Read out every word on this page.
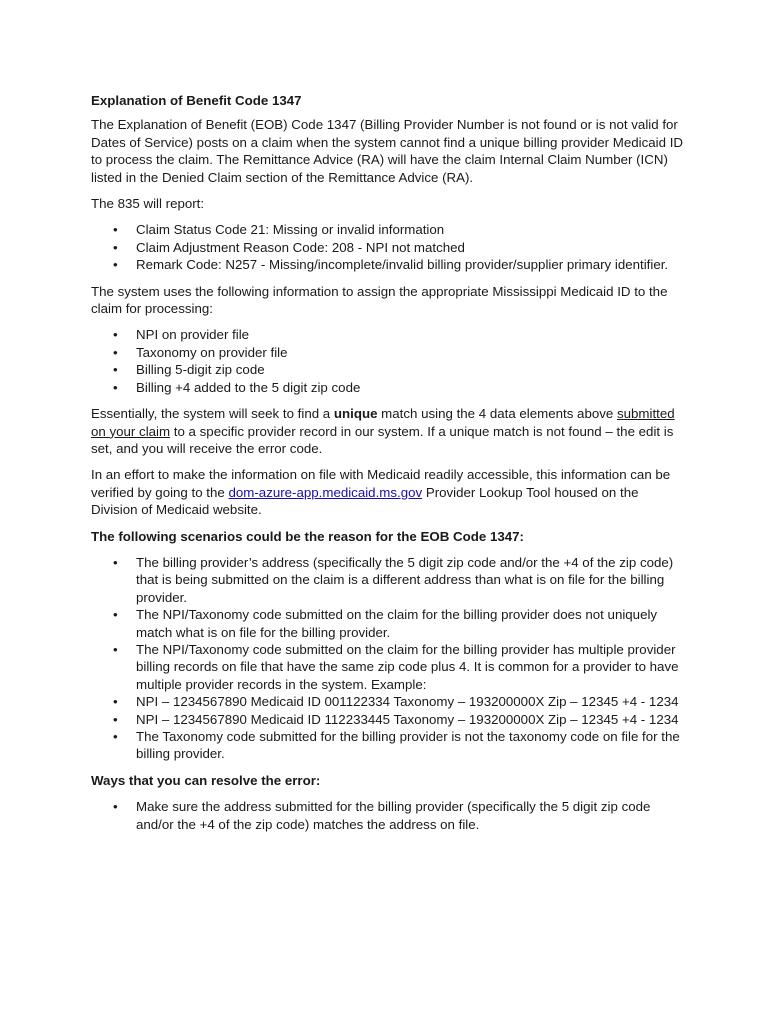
Explanation of Benefit Code 1347

The Explanation of Benefit (EOB) Code 1347 (Billing Provider Number is not found or is not valid for Dates of Service) posts on a claim when the system cannot find a unique billing provider Medicaid ID to process the claim. The Remittance Advice (RA) will have the claim Internal Claim Number (ICN) listed in the Denied Claim section of the Remittance Advice (RA).

The 835 will report:

• Claim Status Code 21: Missing or invalid information
• Claim Adjustment Reason Code: 208 - NPI not matched
• Remark Code: N257 - Missing/incomplete/invalid billing provider/supplier primary identifier.

The system uses the following information to assign the appropriate Mississippi Medicaid ID to the claim for processing:

• NPI on provider file
• Taxonomy on provider file
• Billing 5-digit zip code
• Billing +4 added to the 5 digit zip code

Essentially, the system will seek to find a unique match using the 4 data elements above submitted on your claim to a specific provider record in our system. If a unique match is not found – the edit is set, and you will receive the error code.

In an effort to make the information on file with Medicaid readily accessible, this information can be verified by going to the dom-azure-app.medicaid.ms.gov Provider Lookup Tool housed on the Division of Medicaid website.

The following scenarios could be the reason for the EOB Code 1347:
• The billing provider’s address (specifically the 5 digit zip code and/or the +4 of the zip code) that is being submitted on the claim is a different address than what is on file for the billing provider.
• The NPI/Taxonomy code submitted on the claim for the billing provider does not uniquely match what is on file for the billing provider.
• The NPI/Taxonomy code submitted on the claim for the billing provider has multiple provider billing records on file that have the same zip code plus 4. It is common for a provider to have multiple provider records in the system. Example:
• NPI – 1234567890 Medicaid ID 001122334 Taxonomy – 193200000X Zip – 12345 +4 - 1234
• NPI – 1234567890 Medicaid ID 112233445 Taxonomy – 193200000X Zip – 12345 +4 - 1234
• The Taxonomy code submitted for the billing provider is not the taxonomy code on file for the billing provider.
Ways that you can resolve the error:
• Make sure the address submitted for the billing provider (specifically the 5 digit zip code and/or the +4 of the zip code) matches the address on file.
